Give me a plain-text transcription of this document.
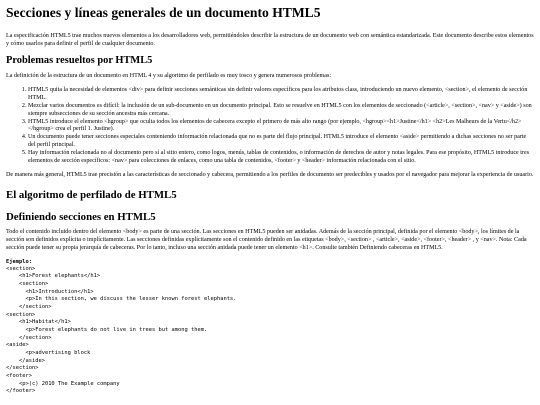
Secciones y líneas generales de un documento HTML5

La especificación HTML5 trae muchos nuevos elementos a los desarrolladores web, permitiéndoles describir la estructura de un documento web con semántica estandarizada. Este documento describe estos elementos y cómo usarlos para definir el perfil de cualquier documento.

Problemas resueltos por HTML5

La definición de la estructura de un documento en HTML 4 y su algoritmo de perfilado es muy tosco y genera numerosos problemas:

1. HTML5 quita la necesidad de elementos <div> para definir secciones semánticas sin definir valores específicos para los atributos class, introduciendo un nuevo elemento, <section>, el elemento de sección HTML.
2. Mezclar varios documentos es difícil: la inclusión de un sub-documento en un documento principal. Esto se resuelve en HTML5 con los elementos de seccionado (<article>, <section>, <nav> y <aside>) son siempre subsecciones de su sección ancestra más cercana.
3. HTML5 introduce el elemento <hgroup> que oculta todos los elementos de cabecera excepto el primero de más alto rango (por ejemplo, <hgroup><h1>Justine</h1> <h2>Les Malheurs de la Vertu</h2></hgroup> crea el perfil 1. Justine).
4. Un documento puede tener secciones especiales conteniendo información relacionada que no es parte del flujo principal. HTML5 introduce el elemento <aside> permitiendo a dichas secciones no ser parte del perfil principal.
5. Hay información relacionada no al documento pero sí al sitio entero, como logos, menús, tablas de contenidos, o información de derechos de autor y notas legales. Para ese propósito, HTML5 introduce tres elementos de sección específicos: <nav> para colecciones de enlaces, como una tabla de contenidos, <footer> y <header> información relacionada con el sitio.

De manera más general, HTML5 trae precisión a las características de seccionado y cabecera, permitiendo a los perfiles de documento ser predecibles y usados por el navegador para mejorar la experiencia de usuario.

El algoritmo de perfilado de HTML5
Definiendo secciones en HTML5

Todo el contenido incluido dentro del elemento <body> es parte de una sección. Las secciones en HTML5 pueden ser anidadas. Además de la sección principal, definida por el elemento <body>, los límites de la sección son definidos explícita o implícitamente. Las secciones definidas explícitamente son el contenido definido en las etiquetas <body>, <section> , <article>, <aside>, <footer>, <header> , y <nav>. Nota: Cada sección puede tener su propia jerarquía de cabeceras. Por lo tanto, incluso una sección anidada puede tener un elemento <h1>. Consulte también Definiendo cabeceras en HTML5.

Ejemplo:
<section>
<h1>Forest elephants</h1>
<section>
<h1>Introduction</h1>
<p>In this section, we discuss the lesser known forest elephants.
</section>
<section>
<h1>Habitat</h1>
<p>Forest elephants do not live in trees but among them.
</section>
<aside>
<p>advertising block
</aside>
</section>
<footer>
<p>(c) 2010 The Example company
</footer>
